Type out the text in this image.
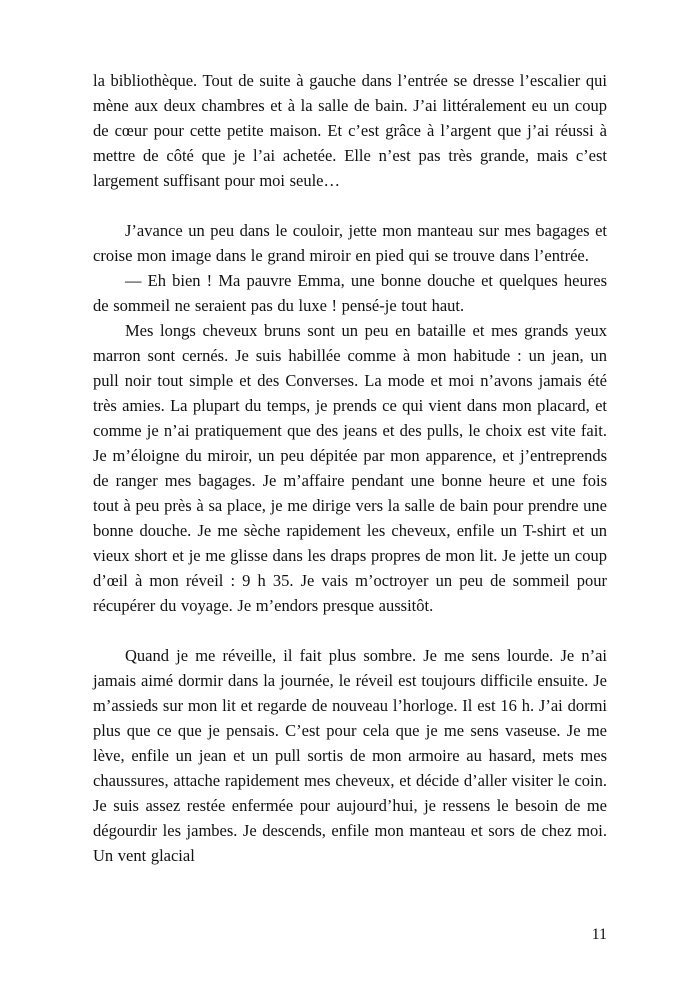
la bibliothèque. Tout de suite à gauche dans l’entrée se dresse l’escalier qui mène aux deux chambres et à la salle de bain. J’ai littéralement eu un coup de cœur pour cette petite maison. Et c’est grâce à l’argent que j’ai réussi à mettre de côté que je l’ai achetée. Elle n’est pas très grande, mais c’est largement suffisant pour moi seule…

J’avance un peu dans le couloir, jette mon manteau sur mes bagages et croise mon image dans le grand miroir en pied qui se trouve dans l’entrée.

— Eh bien ! Ma pauvre Emma, une bonne douche et quelques heures de sommeil ne seraient pas du luxe ! pensé-je tout haut.

Mes longs cheveux bruns sont un peu en bataille et mes grands yeux marron sont cernés. Je suis habillée comme à mon habitude : un jean, un pull noir tout simple et des Converses. La mode et moi n’avons jamais été très amies. La plupart du temps, je prends ce qui vient dans mon placard, et comme je n’ai pratiquement que des jeans et des pulls, le choix est vite fait. Je m’éloigne du miroir, un peu dépitée par mon apparence, et j’entreprends de ranger mes bagages. Je m’affaire pendant une bonne heure et une fois tout à peu près à sa place, je me dirige vers la salle de bain pour prendre une bonne douche. Je me sèche rapidement les cheveux, enfile un T-shirt et un vieux short et je me glisse dans les draps propres de mon lit. Je jette un coup d’œil à mon réveil : 9 h 35. Je vais m’octroyer un peu de sommeil pour récupérer du voyage. Je m’endors presque aussitôt.

Quand je me réveille, il fait plus sombre. Je me sens lourde. Je n’ai jamais aimé dormir dans la journée, le réveil est toujours difficile ensuite. Je m’assieds sur mon lit et regarde de nouveau l’horloge. Il est 16 h. J’ai dormi plus que ce que je pensais. C’est pour cela que je me sens vaseuse. Je me lève, enfile un jean et un pull sortis de mon armoire au hasard, mets mes chaussures, attache rapidement mes cheveux, et décide d’aller visiter le coin. Je suis assez restée enfermée pour aujourd’hui, je ressens le besoin de me dégourdir les jambes. Je descends, enfile mon manteau et sors de chez moi. Un vent glacial

11
